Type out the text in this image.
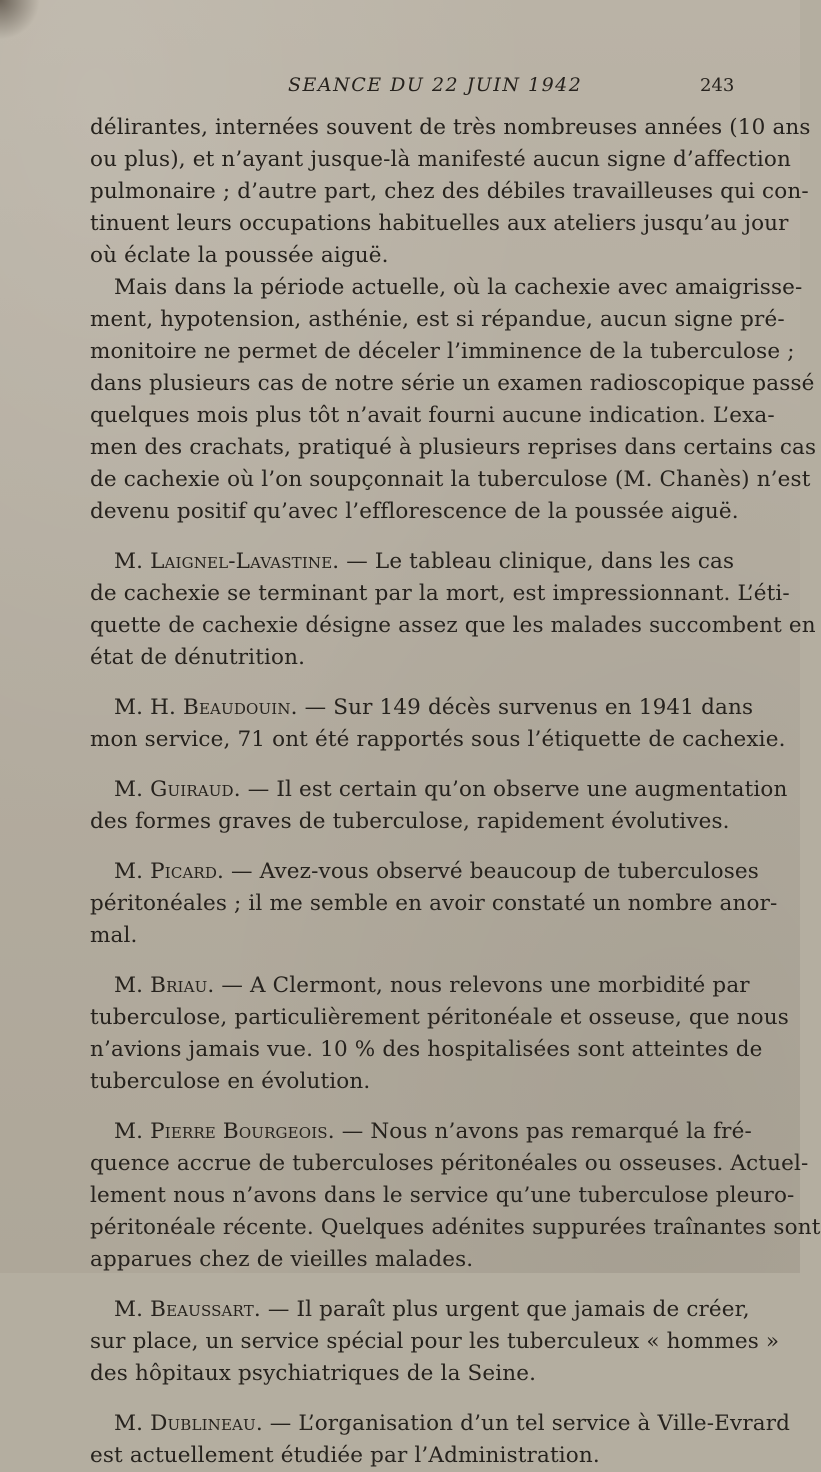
SEANCE DU 22 JUIN 1942	243
délirantes, internées souvent de très nombreuses années (10 ans
ou plus), et n’ayant jusque-là manifesté aucun signe d’affection
pulmonaire ; d’autre part, chez des débiles travailleuses qui con-
tinuent leurs occupations habituelles aux ateliers jusqu’au jour
où éclate la poussée aiguë.
Mais dans la période actuelle, où la cachexie avec amaigrisse-
ment, hypotension, asthénie, est si répandue, aucun signe pré-
monitoire ne permet de déceler l’imminence de la tuberculose ;
dans plusieurs cas de notre série un examen radioscopique passé
quelques mois plus tôt n’avait fourni aucune indication. L’exa-
men des crachats, pratiqué à plusieurs reprises dans certains cas
de cachexie où l’on soupçonnait la tuberculose (M. Chanès) n’est
devenu positif qu’avec l’efflorescence de la poussée aiguë.
M. Laignel-Lavastine. — Le tableau clinique, dans les cas
de cachexie se terminant par la mort, est impressionnant. L’éti-
quette de cachexie désigne assez que les malades succombent en
état de dénutrition.
M. H. Beaudouin. — Sur 149 décès survenus en 1941 dans
mon service, 71 ont été rapportés sous l’étiquette de cachexie.
M. Guiraud. — Il est certain qu’on observe une augmentation
des formes graves de tuberculose, rapidement évolutives.
M. Picard. — Avez-vous observé beaucoup de tuberculoses
péritonéales ; il me semble en avoir constaté un nombre anor-
mal.
M. Briau. — A Clermont, nous relevons une morbidité par
tuberculose, particulièrement péritonéale et osseuse, que nous
n’avions jamais vue. 10 % des hospitalisées sont atteintes de
tuberculose en évolution.
M. Pierre Bourgeois. — Nous n’avons pas remarqué la fré-
quence accrue de tuberculoses péritonéales ou osseuses. Actuel-
lement nous n’avons dans le service qu’une tuberculose pleuro-
péritonéale récente. Quelques adénites suppurées traînantes sont
apparues chez de vieilles malades.
M. Beaussart. — Il paraît plus urgent que jamais de créer,
sur place, un service spécial pour les tuberculeux « hommes »
des hôpitaux psychiatriques de la Seine.
M. Dublineau. — L’organisation d’un tel service à Ville-Evrard
est actuellement étudiée par l’Administration.
